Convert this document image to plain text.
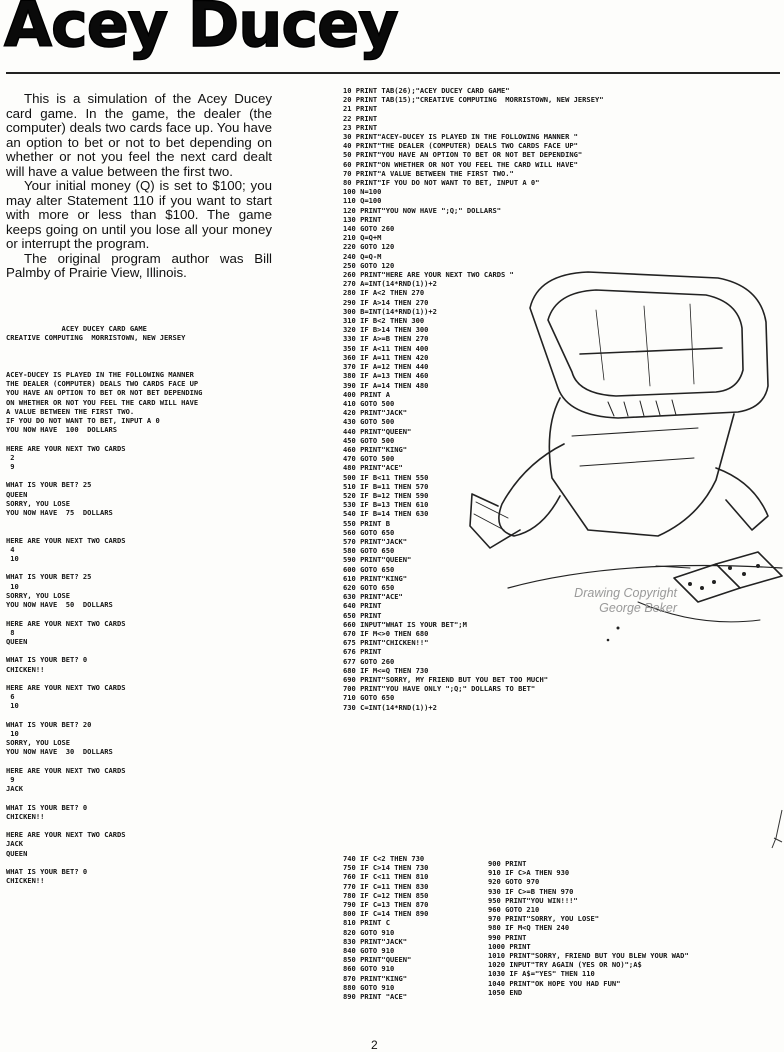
Acey Ducey

This is a simulation of the Acey Ducey card game. In the game, the dealer (the computer) deals two cards face up. You have an option to bet or not to bet depending on whether or not you feel the next card dealt will have a value between the first two.

Your initial money (Q) is set to $100; you may alter Statement 110 if you want to start with more or less than $100. The game keeps going on until you lose all your money or interrupt the program.

The original program author was Bill Palmby of Prairie View, Illinois.

ACEY DUCEY CARD GAME
CREATIVE COMPUTING  MORRISTOWN, NEW JERSEY

ACEY-DUCEY IS PLAYED IN THE FOLLOWING MANNER
THE DEALER (COMPUTER) DEALS TWO CARDS FACE UP
YOU HAVE AN OPTION TO BET OR NOT BET DEPENDING
ON WHETHER OR NOT YOU FEEL THE CARD WILL HAVE
A VALUE BETWEEN THE FIRST TWO.
IF YOU DO NOT WANT TO BET, INPUT A 0
YOU NOW HAVE  100  DOLLARS

HERE ARE YOUR NEXT TWO CARDS
2
9

WHAT IS YOUR BET? 25
QUEEN
SORRY, YOU LOSE
YOU NOW HAVE  75  DOLLARS

HERE ARE YOUR NEXT TWO CARDS
4
10

WHAT IS YOUR BET? 25
10
SORRY, YOU LOSE
YOU NOW HAVE  50  DOLLARS

HERE ARE YOUR NEXT TWO CARDS
8
QUEEN

WHAT IS YOUR BET? 0
CHICKEN!!

HERE ARE YOUR NEXT TWO CARDS
6
10

WHAT IS YOUR BET? 20
10
SORRY, YOU LOSE
YOU NOW HAVE  30  DOLLARS

HERE ARE YOUR NEXT TWO CARDS
9
JACK

WHAT IS YOUR BET? 0
CHICKEN!!

HERE ARE YOUR NEXT TWO CARDS
JACK
QUEEN

WHAT IS YOUR BET? 0
CHICKEN!!
10 PRINT TAB(26);"ACEY DUCEY CARD GAME"
20 PRINT TAB(15);"CREATIVE COMPUTING  MORRISTOWN, NEW JERSEY"
21 PRINT
22 PRINT
23 PRINT
30 PRINT"ACEY-DUCEY IS PLAYED IN THE FOLLOWING MANNER "
40 PRINT"THE DEALER (COMPUTER) DEALS TWO CARDS FACE UP"
50 PRINT"YOU HAVE AN OPTION TO BET OR NOT BET DEPENDING"
60 PRINT"ON WHETHER OR NOT YOU FEEL THE CARD WILL HAVE"
70 PRINT"A VALUE BETWEEN THE FIRST TWO."
80 PRINT"IF YOU DO NOT WANT TO BET, INPUT A 0"
100 N=100
110 Q=100
120 PRINT"YOU NOW HAVE ";Q;" DOLLARS"
130 PRINT
140 GOTO 260
210 Q=Q+M
220 GOTO 120
240 Q=Q-M
250 GOTO 120
260 PRINT"HERE ARE YOUR NEXT TWO CARDS "
270 A=INT(14*RND(1))+2
280 IF A<2 THEN 270
290 IF A>14 THEN 270
300 B=INT(14*RND(1))+2
310 IF B<2 THEN 300
320 IF B>14 THEN 300
330 IF A>=B THEN 270
350 IF A<11 THEN 400
360 IF A=11 THEN 420
370 IF A=12 THEN 440
380 IF A=13 THEN 460
390 IF A=14 THEN 480
400 PRINT A
410 GOTO 500
420 PRINT"JACK"
430 GOTO 500
440 PRINT"QUEEN"
450 GOTO 500
460 PRINT"KING"
470 GOTO 500
480 PRINT"ACE"
500 IF B<11 THEN 550
510 IF B=11 THEN 570
520 IF B=12 THEN 590
530 IF B=13 THEN 610
540 IF B=14 THEN 630
550 PRINT B
560 GOTO 650
570 PRINT"JACK"
580 GOTO 650
590 PRINT"QUEEN"
600 GOTO 650
610 PRINT"KING"
620 GOTO 650
630 PRINT"ACE"
640 PRINT
650 PRINT
660 INPUT"WHAT IS YOUR BET";M
670 IF M<>0 THEN 680
675 PRINT"CHICKEN!!"
676 PRINT
677 GOTO 260
680 IF M<=Q THEN 730
690 PRINT"SORRY, MY FRIEND BUT YOU BET TOO MUCH"
700 PRINT"YOU HAVE ONLY ";Q;" DOLLARS TO BET"
710 GOTO 650
730 C=INT(14*RND(1))+2
740 IF C<2 THEN 730
750 IF C>14 THEN 730
760 IF C<11 THEN 810
770 IF C=11 THEN 830
780 IF C=12 THEN 850
790 IF C=13 THEN 870
800 IF C=14 THEN 890
810 PRINT C
820 GOTO 910
830 PRINT"JACK"
840 GOTO 910
850 PRINT"QUEEN"
860 GOTO 910
870 PRINT"KING"
880 GOTO 910
890 PRINT "ACE"
900 PRINT
910 IF C>A THEN 930
920 GOTO 970
930 IF C>=B THEN 970
950 PRINT"YOU WIN!!!"
960 GOTO 210
970 PRINT"SORRY, YOU LOSE"
980 IF M<Q THEN 240
990 PRINT
1000 PRINT
1010 PRINT"SORRY, FRIEND BUT YOU BLEW YOUR WAD"
1020 INPUT"TRY AGAIN (YES OR NO)";A$
1030 IF A$="YES" THEN 110
1040 PRINT"OK HOPE YOU HAD FUN"
1050 END
Drawing Copyright
George Beker
2
